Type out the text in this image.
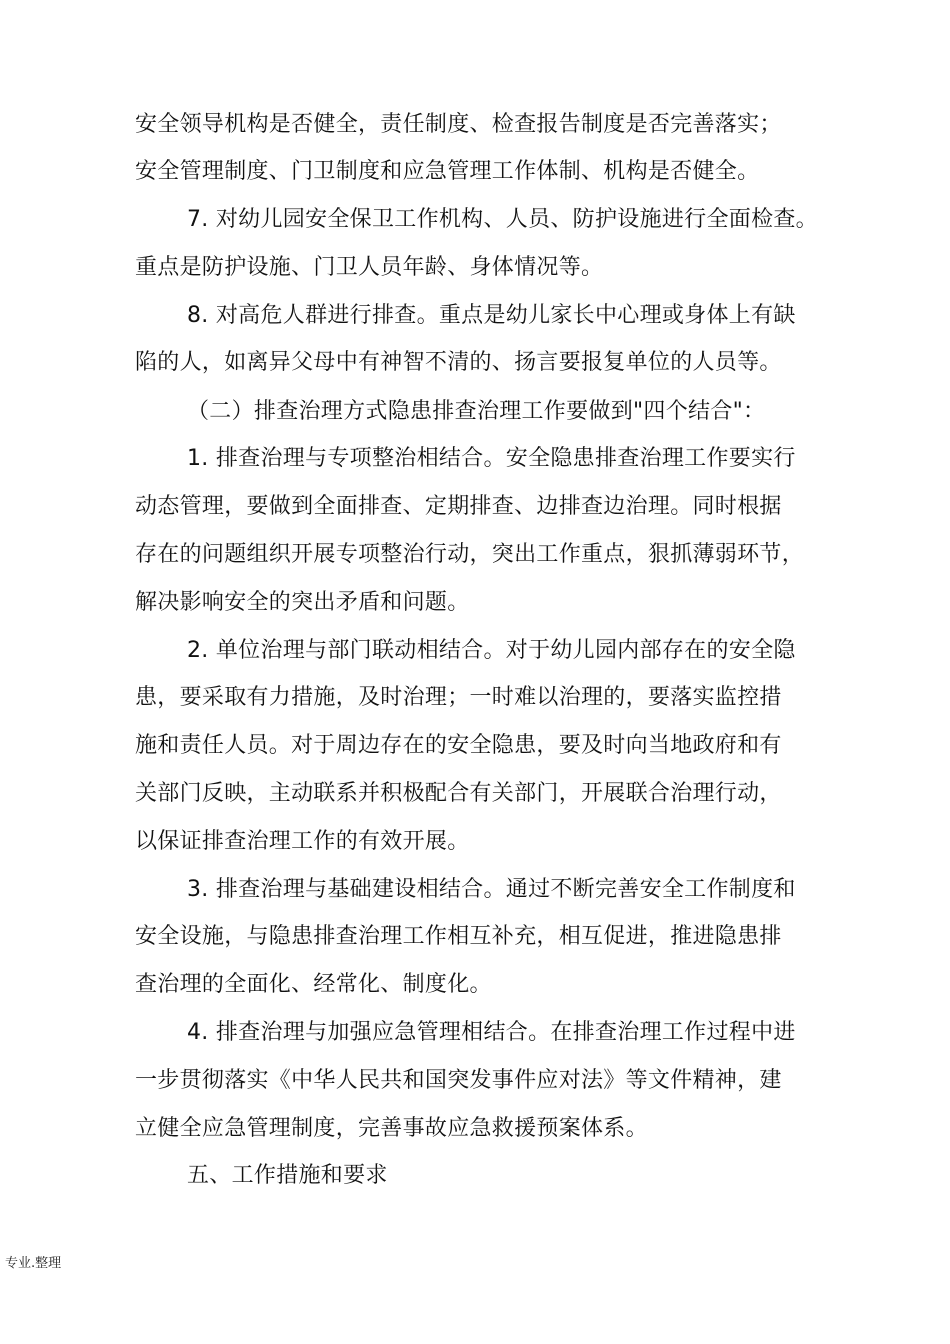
安全领导机构是否健全，责任制度、检查报告制度是否完善落实；
安全管理制度、门卫制度和应急管理工作体制、机构是否健全。
7. 对幼儿园安全保卫工作机构、人员、防护设施进行全面检查。
重点是防护设施、门卫人员年龄、身体情况等。
8. 对高危人群进行排查。重点是幼儿家长中心理或身体上有缺
陷的人，如离异父母中有神智不清的、扬言要报复单位的人员等。
（二）排查治理方式隐患排查治理工作要做到"四个结合"：
1. 排查治理与专项整治相结合。安全隐患排查治理工作要实行
动态管理，要做到全面排查、定期排查、边排查边治理。同时根据
存在的问题组织开展专项整治行动，突出工作重点，狠抓薄弱环节，
解决影响安全的突出矛盾和问题。
2. 单位治理与部门联动相结合。对于幼儿园内部存在的安全隐
患，要采取有力措施，及时治理；一时难以治理的，要落实监控措
施和责任人员。对于周边存在的安全隐患，要及时向当地政府和有
关部门反映，主动联系并积极配合有关部门，开展联合治理行动，
以保证排查治理工作的有效开展。
3. 排查治理与基础建设相结合。通过不断完善安全工作制度和
安全设施，与隐患排查治理工作相互补充，相互促进，推进隐患排
查治理的全面化、经常化、制度化。
4. 排查治理与加强应急管理相结合。在排查治理工作过程中进
一步贯彻落实《中华人民共和国突发事件应对法》等文件精神，建
立健全应急管理制度，完善事故应急救援预案体系。
五、工作措施和要求
专业.整理
